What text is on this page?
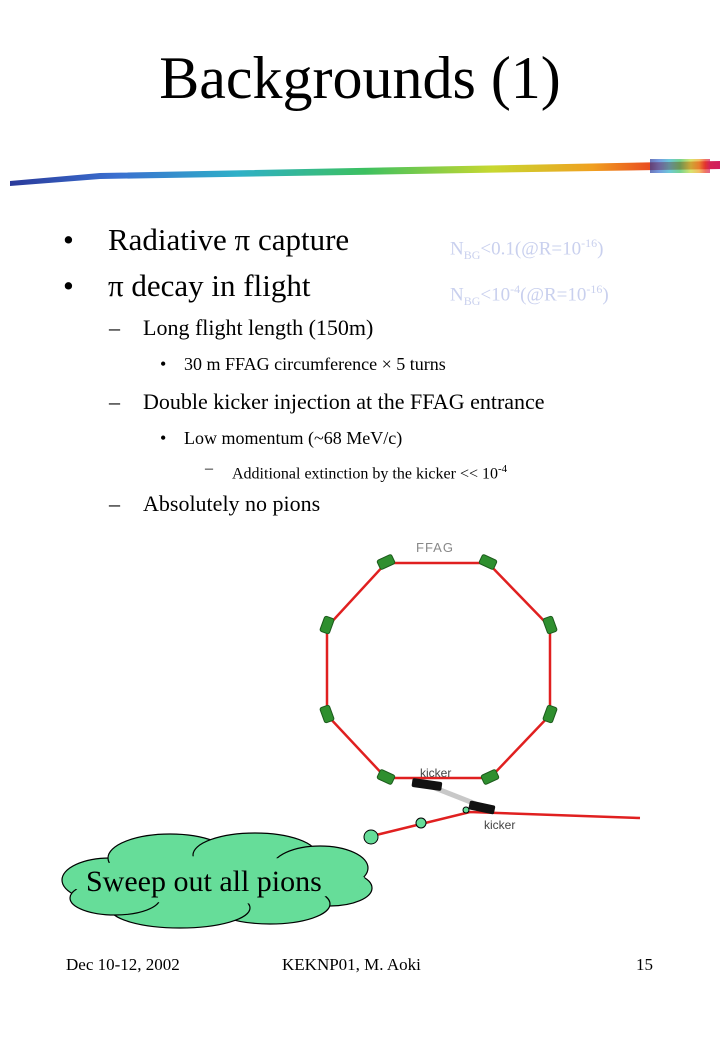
Backgrounds (1)
• Radiative π capture	$N_{BG}<0.1(@R=10^{-16})$
• π decay in flight	$N_{BG}<10^{-4}(@R=10^{-16})$
– Long flight length (150m)
• 30 m FFAG circumference × 5 turns
– Double kicker injection at the FFAG entrance
• Low momentum (~68 MeV/c)
– Additional extinction by the kicker << $10^{-4}$
– Absolutely no pions
FFAG
kicker
kicker
Sweep out all pions
Dec 10-12, 2002	KEKNP01, M. Aoki	15
